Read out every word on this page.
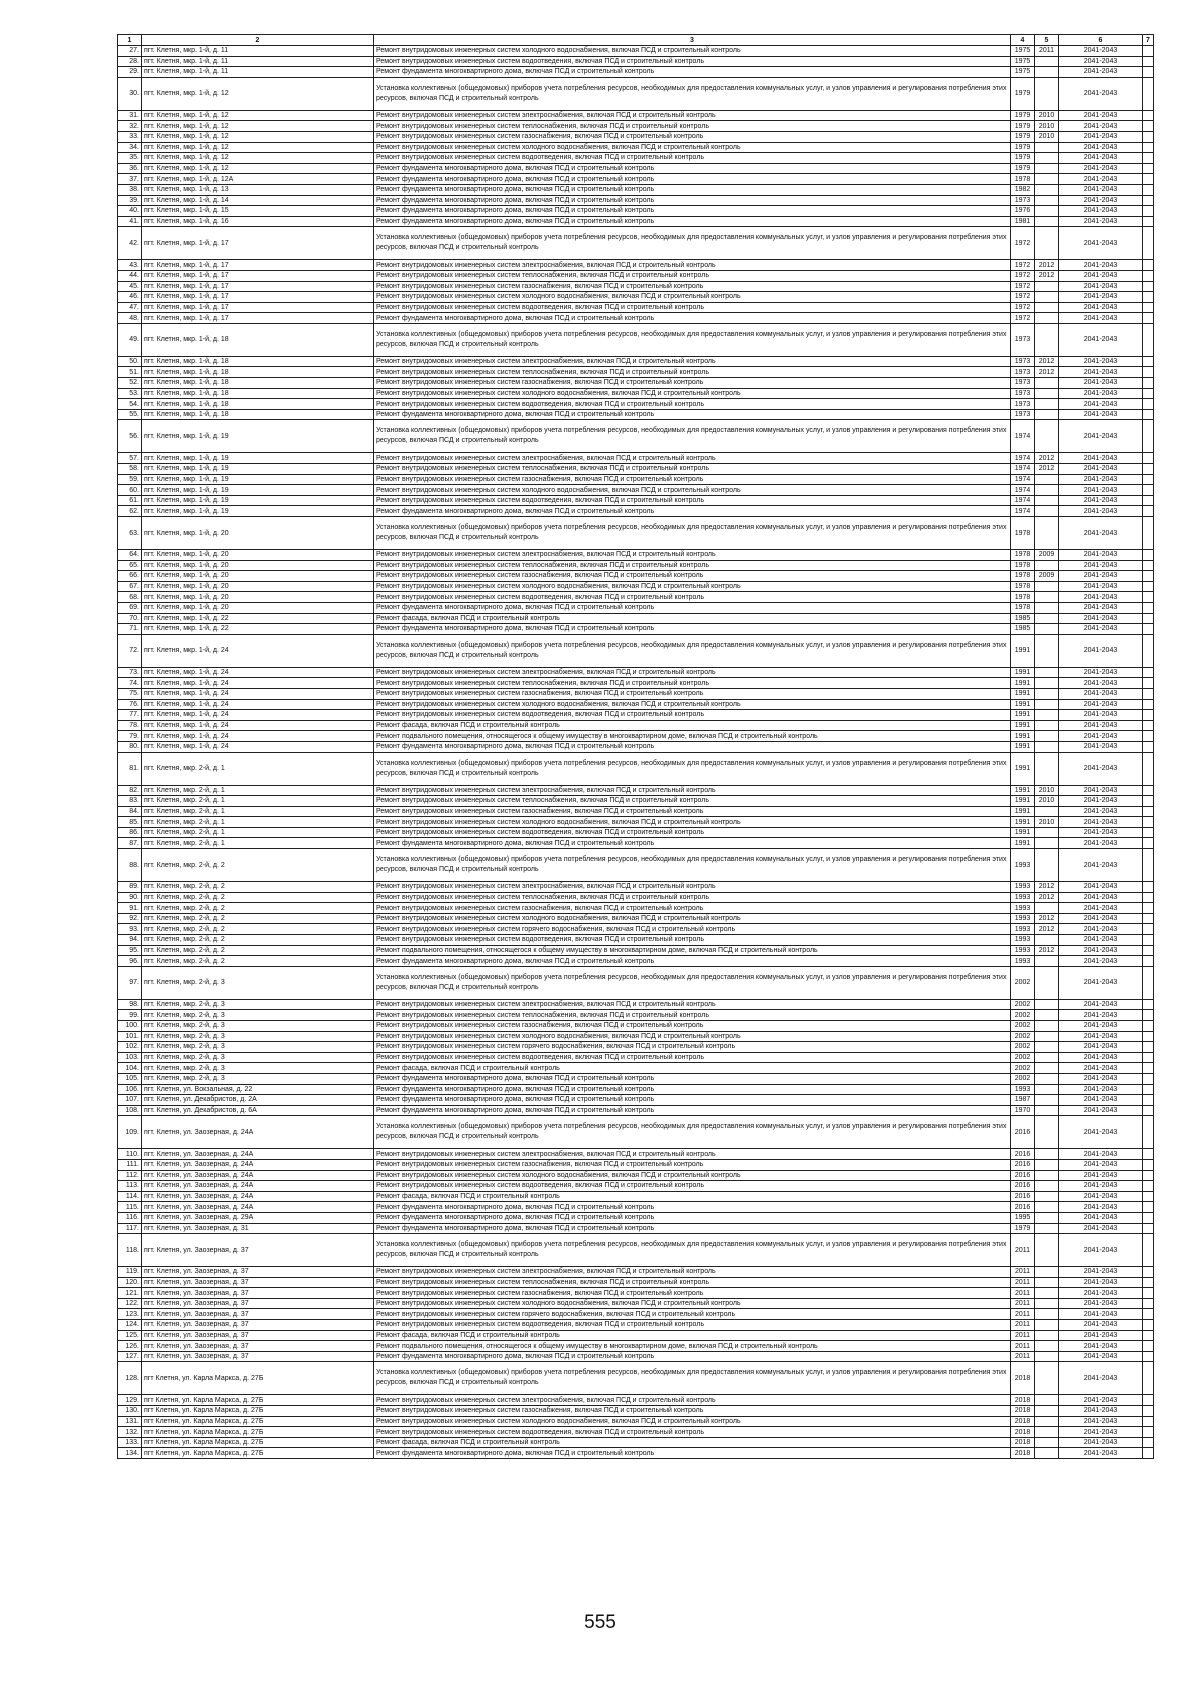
1	2	3	4	5	6	7
27.	пгт. Клетня, мкр. 1-й, д. 11	Ремонт внутридомовых инженерных систем холодного водоснабжения, включая ПСД и строительный контроль	1975	2011	2041-2043	
28.	пгт. Клетня, мкр. 1-й, д. 11	Ремонт внутридомовых инженерных систем водоотведения, включая ПСД и строительный контроль	1975		2041-2043	
29.	пгт. Клетня, мкр. 1-й, д. 11	Ремонт фундамента многоквартирного дома, включая ПСД и строительный контроль	1975		2041-2043	
30.	пгт. Клетня, мкр. 1-й, д. 12	Установка коллективных (общедомовых) приборов учета потребления ресурсов, необходимых для предоставления коммунальных услуг, и узлов управления и регулирования потребления этих ресурсов, включая ПСД и строительный контроль	1979		2041-2043	
31.	пгт. Клетня, мкр. 1-й, д. 12	Ремонт внутридомовых инженерных систем электроснабжения, включая ПСД и строительный контроль	1979	2010	2041-2043	
32.	пгт. Клетня, мкр. 1-й, д. 12	Ремонт внутридомовых инженерных систем теплоснабжения, включая ПСД и строительный контроль	1979	2010	2041-2043	
33.	пгт. Клетня, мкр. 1-й, д. 12	Ремонт внутридомовых инженерных систем газоснабжения, включая ПСД и строительный контроль	1979	2010	2041-2043	
34.	пгт. Клетня, мкр. 1-й, д. 12	Ремонт внутридомовых инженерных систем холодного водоснабжения, включая ПСД и строительный контроль	1979		2041-2043	
35.	пгт. Клетня, мкр. 1-й, д. 12	Ремонт внутридомовых инженерных систем водоотведения, включая ПСД и строительный контроль	1979		2041-2043	
36.	пгт. Клетня, мкр. 1-й, д. 12	Ремонт фундамента многоквартирного дома, включая ПСД и строительный контроль	1979		2041-2043	
37.	пгт. Клетня, мкр. 1-й, д. 12А	Ремонт фундамента многоквартирного дома, включая ПСД и строительный контроль	1978		2041-2043	
38.	пгт. Клетня, мкр. 1-й, д. 13	Ремонт фундамента многоквартирного дома, включая ПСД и строительный контроль	1982		2041-2043	
39.	пгт. Клетня, мкр. 1-й, д. 14	Ремонт фундамента многоквартирного дома, включая ПСД и строительный контроль	1973		2041-2043	
40.	пгт. Клетня, мкр. 1-й, д. 15	Ремонт фундамента многоквартирного дома, включая ПСД и строительный контроль	1976		2041-2043	
41.	пгт. Клетня, мкр. 1-й, д. 16	Ремонт фундамента многоквартирного дома, включая ПСД и строительный контроль	1981		2041-2043	
42.	пгт. Клетня, мкр. 1-й, д. 17	Установка коллективных (общедомовых) приборов учета потребления ресурсов, необходимых для предоставления коммунальных услуг, и узлов управления и регулирования потребления этих ресурсов, включая ПСД и строительный контроль	1972		2041-2043	
43.	пгт. Клетня, мкр. 1-й, д. 17	Ремонт внутридомовых инженерных систем электроснабжения, включая ПСД и строительный контроль	1972	2012	2041-2043	
44.	пгт. Клетня, мкр. 1-й, д. 17	Ремонт внутридомовых инженерных систем теплоснабжения, включая ПСД и строительный контроль	1972	2012	2041-2043	
45.	пгт. Клетня, мкр. 1-й, д. 17	Ремонт внутридомовых инженерных систем газоснабжения, включая ПСД и строительный контроль	1972		2041-2043	
46.	пгт. Клетня, мкр. 1-й, д. 17	Ремонт внутридомовых инженерных систем холодного водоснабжения, включая ПСД и строительный контроль	1972		2041-2043	
47.	пгт. Клетня, мкр. 1-й, д. 17	Ремонт внутридомовых инженерных систем водоотведения, включая ПСД и строительный контроль	1972		2041-2043	
48.	пгт. Клетня, мкр. 1-й, д. 17	Ремонт фундамента многоквартирного дома, включая ПСД и строительный контроль	1972		2041-2043	
49.	пгт. Клетня, мкр. 1-й, д. 18	Установка коллективных (общедомовых) приборов учета потребления ресурсов, необходимых для предоставления коммунальных услуг, и узлов управления и регулирования потребления этих ресурсов, включая ПСД и строительный контроль	1973		2041-2043	
50.	пгт. Клетня, мкр. 1-й, д. 18	Ремонт внутридомовых инженерных систем электроснабжения, включая ПСД и строительный контроль	1973	2012	2041-2043	
51.	пгт. Клетня, мкр. 1-й, д. 18	Ремонт внутридомовых инженерных систем теплоснабжения, включая ПСД и строительный контроль	1973	2012	2041-2043	
52.	пгт. Клетня, мкр. 1-й, д. 18	Ремонт внутридомовых инженерных систем газоснабжения, включая ПСД и строительный контроль	1973		2041-2043	
53.	пгт. Клетня, мкр. 1-й, д. 18	Ремонт внутридомовых инженерных систем холодного водоснабжения, включая ПСД и строительный контроль	1973		2041-2043	
54.	пгт. Клетня, мкр. 1-й, д. 18	Ремонт внутридомовых инженерных систем водоотведения, включая ПСД и строительный контроль	1973		2041-2043	
55.	пгт. Клетня, мкр. 1-й, д. 18	Ремонт фундамента многоквартирного дома, включая ПСД и строительный контроль	1973		2041-2043	
56.	пгт. Клетня, мкр. 1-й, д. 19	Установка коллективных (общедомовых) приборов учета потребления ресурсов, необходимых для предоставления коммунальных услуг, и узлов управления и регулирования потребления этих ресурсов, включая ПСД и строительный контроль	1974		2041-2043	
57.	пгт. Клетня, мкр. 1-й, д. 19	Ремонт внутридомовых инженерных систем электроснабжения, включая ПСД и строительный контроль	1974	2012	2041-2043	
58.	пгт. Клетня, мкр. 1-й, д. 19	Ремонт внутридомовых инженерных систем теплоснабжения, включая ПСД и строительный контроль	1974	2012	2041-2043	
59.	пгт. Клетня, мкр. 1-й, д. 19	Ремонт внутридомовых инженерных систем газоснабжения, включая ПСД и строительный контроль	1974		2041-2043	
60.	пгт. Клетня, мкр. 1-й, д. 19	Ремонт внутридомовых инженерных систем холодного водоснабжения, включая ПСД и строительный контроль	1974		2041-2043	
61.	пгт. Клетня, мкр. 1-й, д. 19	Ремонт внутридомовых инженерных систем водоотведения, включая ПСД и строительный контроль	1974		2041-2043	
62.	пгт. Клетня, мкр. 1-й, д. 19	Ремонт фундамента многоквартирного дома, включая ПСД и строительный контроль	1974		2041-2043	
63.	пгт. Клетня, мкр. 1-й, д. 20	Установка коллективных (общедомовых) приборов учета потребления ресурсов, необходимых для предоставления коммунальных услуг, и узлов управления и регулирования потребления этих ресурсов, включая ПСД и строительный контроль	1978		2041-2043	
64.	пгт. Клетня, мкр. 1-й, д. 20	Ремонт внутридомовых инженерных систем электроснабжения, включая ПСД и строительный контроль	1978	2009	2041-2043	
65.	пгт. Клетня, мкр. 1-й, д. 20	Ремонт внутридомовых инженерных систем теплоснабжения, включая ПСД и строительный контроль	1978		2041-2043	
66.	пгт. Клетня, мкр. 1-й, д. 20	Ремонт внутридомовых инженерных систем газоснабжения, включая ПСД и строительный контроль	1978	2009	2041-2043	
67.	пгт. Клетня, мкр. 1-й, д. 20	Ремонт внутридомовых инженерных систем холодного водоснабжения, включая ПСД и строительный контроль	1978		2041-2043	
68.	пгт. Клетня, мкр. 1-й, д. 20	Ремонт внутридомовых инженерных систем водоотведения, включая ПСД и строительный контроль	1978		2041-2043	
69.	пгт. Клетня, мкр. 1-й, д. 20	Ремонт фундамента многоквартирного дома, включая ПСД и строительный контроль	1978		2041-2043	
70.	пгт. Клетня, мкр. 1-й, д. 22	Ремонт фасада, включая ПСД и строительный контроль	1985		2041-2043	
71.	пгт. Клетня, мкр. 1-й, д. 22	Ремонт фундамента многоквартирного дома, включая ПСД и строительный контроль	1985		2041-2043	
72.	пгт. Клетня, мкр. 1-й, д. 24	Установка коллективных (общедомовых) приборов учета потребления ресурсов, необходимых для предоставления коммунальных услуг, и узлов управления и регулирования потребления этих ресурсов, включая ПСД и строительный контроль	1991		2041-2043	
73.	пгт. Клетня, мкр. 1-й, д. 24	Ремонт внутридомовых инженерных систем электроснабжения, включая ПСД и строительный контроль	1991		2041-2043	
74.	пгт. Клетня, мкр. 1-й, д. 24	Ремонт внутридомовых инженерных систем теплоснабжения, включая ПСД и строительный контроль	1991		2041-2043	
75.	пгт. Клетня, мкр. 1-й, д. 24	Ремонт внутридомовых инженерных систем газоснабжения, включая ПСД и строительный контроль	1991		2041-2043	
76.	пгт. Клетня, мкр. 1-й, д. 24	Ремонт внутридомовых инженерных систем холодного водоснабжения, включая ПСД и строительный контроль	1991		2041-2043	
77.	пгт. Клетня, мкр. 1-й, д. 24	Ремонт внутридомовых инженерных систем водоотведения, включая ПСД и строительный контроль	1991		2041-2043	
78.	пгт. Клетня, мкр. 1-й, д. 24	Ремонт фасада, включая ПСД и строительный контроль	1991		2041-2043	
79.	пгт. Клетня, мкр. 1-й, д. 24	Ремонт подвального помещения, относящегося к общему имуществу в многоквартирном доме, включая ПСД и строительный контроль	1991		2041-2043	
80.	пгт. Клетня, мкр. 1-й, д. 24	Ремонт фундамента многоквартирного дома, включая ПСД и строительный контроль	1991		2041-2043	
81.	пгт. Клетня, мкр. 2-й, д. 1	Установка коллективных (общедомовых) приборов учета потребления ресурсов, необходимых для предоставления коммунальных услуг, и узлов управления и регулирования потребления этих ресурсов, включая ПСД и строительный контроль	1991		2041-2043	
82.	пгт. Клетня, мкр. 2-й, д. 1	Ремонт внутридомовых инженерных систем электроснабжения, включая ПСД и строительный контроль	1991	2010	2041-2043	
83.	пгт. Клетня, мкр. 2-й, д. 1	Ремонт внутридомовых инженерных систем теплоснабжения, включая ПСД и строительный контроль	1991	2010	2041-2043	
84.	пгт. Клетня, мкр. 2-й, д. 1	Ремонт внутридомовых инженерных систем газоснабжения, включая ПСД и строительный контроль	1991		2041-2043	
85.	пгт. Клетня, мкр. 2-й, д. 1	Ремонт внутридомовых инженерных систем холодного водоснабжения, включая ПСД и строительный контроль	1991	2010	2041-2043	
86.	пгт. Клетня, мкр. 2-й, д. 1	Ремонт внутридомовых инженерных систем водоотведения, включая ПСД и строительный контроль	1991		2041-2043	
87.	пгт. Клетня, мкр. 2-й, д. 1	Ремонт фундамента многоквартирного дома, включая ПСД и строительный контроль	1991		2041-2043	
88.	пгт. Клетня, мкр. 2-й, д. 2	Установка коллективных (общедомовых) приборов учета потребления ресурсов, необходимых для предоставления коммунальных услуг, и узлов управления и регулирования потребления этих ресурсов, включая ПСД и строительный контроль	1993		2041-2043	
89.	пгт. Клетня, мкр. 2-й, д. 2	Ремонт внутридомовых инженерных систем электроснабжения, включая ПСД и строительный контроль	1993	2012	2041-2043	
90.	пгт. Клетня, мкр. 2-й, д. 2	Ремонт внутридомовых инженерных систем теплоснабжения, включая ПСД и строительный контроль	1993	2012	2041-2043	
91.	пгт. Клетня, мкр. 2-й, д. 2	Ремонт внутридомовых инженерных систем газоснабжения, включая ПСД и строительный контроль	1993		2041-2043	
92.	пгт. Клетня, мкр. 2-й, д. 2	Ремонт внутридомовых инженерных систем холодного водоснабжения, включая ПСД и строительный контроль	1993	2012	2041-2043	
93.	пгт. Клетня, мкр. 2-й, д. 2	Ремонт внутридомовых инженерных систем горячего водоснабжения, включая ПСД и строительный контроль	1993	2012	2041-2043	
94.	пгт. Клетня, мкр. 2-й, д. 2	Ремонт внутридомовых инженерных систем водоотведения, включая ПСД и строительный контроль	1993		2041-2043	
95.	пгт. Клетня, мкр. 2-й, д. 2	Ремонт подвального помещения, относящегося к общему имуществу в многоквартирном доме, включая ПСД и строительный контроль	1993	2012	2041-2043	
96.	пгт. Клетня, мкр. 2-й, д. 2	Ремонт фундамента многоквартирного дома, включая ПСД и строительный контроль	1993		2041-2043	
97.	пгт. Клетня, мкр. 2-й, д. 3	Установка коллективных (общедомовых) приборов учета потребления ресурсов, необходимых для предоставления коммунальных услуг, и узлов управления и регулирования потребления этих ресурсов, включая ПСД и строительный контроль	2002		2041-2043	
98.	пгт. Клетня, мкр. 2-й, д. 3	Ремонт внутридомовых инженерных систем электроснабжения, включая ПСД и строительный контроль	2002		2041-2043	
99.	пгт. Клетня, мкр. 2-й, д. 3	Ремонт внутридомовых инженерных систем теплоснабжения, включая ПСД и строительный контроль	2002		2041-2043	
100.	пгт. Клетня, мкр. 2-й, д. 3	Ремонт внутридомовых инженерных систем газоснабжения, включая ПСД и строительный контроль	2002		2041-2043	
101.	пгт. Клетня, мкр. 2-й, д. 3	Ремонт внутридомовых инженерных систем холодного водоснабжения, включая ПСД и строительный контроль	2002		2041-2043	
102.	пгт. Клетня, мкр. 2-й, д. 3	Ремонт внутридомовых инженерных систем горячего водоснабжения, включая ПСД и строительный контроль	2002		2041-2043	
103.	пгт. Клетня, мкр. 2-й, д. 3	Ремонт внутридомовых инженерных систем водоотведения, включая ПСД и строительный контроль	2002		2041-2043	
104.	пгт. Клетня, мкр. 2-й, д. 3	Ремонт фасада, включая ПСД и строительный контроль	2002		2041-2043	
105.	пгт. Клетня, мкр. 2-й, д. 3	Ремонт фундамента многоквартирного дома, включая ПСД и строительный контроль	2002		2041-2043	
106.	пгт. Клетня, ул. Вокзальная, д. 22	Ремонт фундамента многоквартирного дома, включая ПСД и строительный контроль	1993		2041-2043	
107.	пгт. Клетня, ул. Декабристов, д. 2А	Ремонт фундамента многоквартирного дома, включая ПСД и строительный контроль	1987		2041-2043	
108.	пгт. Клетня, ул. Декабристов, д. 6А	Ремонт фундамента многоквартирного дома, включая ПСД и строительный контроль	1970		2041-2043	
109.	пгт. Клетня, ул. Заозерная, д. 24А	Установка коллективных (общедомовых) приборов учета потребления ресурсов, необходимых для предоставления коммунальных услуг, и узлов управления и регулирования потребления этих ресурсов, включая ПСД и строительный контроль	2016		2041-2043	
110.	пгт. Клетня, ул. Заозерная, д. 24А	Ремонт внутридомовых инженерных систем электроснабжения, включая ПСД и строительный контроль	2016		2041-2043	
111.	пгт. Клетня, ул. Заозерная, д. 24А	Ремонт внутридомовых инженерных систем газоснабжения, включая ПСД и строительный контроль	2016		2041-2043	
112.	пгт. Клетня, ул. Заозерная, д. 24А	Ремонт внутридомовых инженерных систем холодного водоснабжения, включая ПСД и строительный контроль	2016		2041-2043	
113.	пгт. Клетня, ул. Заозерная, д. 24А	Ремонт внутридомовых инженерных систем водоотведения, включая ПСД и строительный контроль	2016		2041-2043	
114.	пгт. Клетня, ул. Заозерная, д. 24А	Ремонт фасада, включая ПСД и строительный контроль	2016		2041-2043	
115.	пгт. Клетня, ул. Заозерная, д. 24А	Ремонт фундамента многоквартирного дома, включая ПСД и строительный контроль	2016		2041-2043	
116.	пгт. Клетня, ул. Заозерная, д. 29А	Ремонт фундамента многоквартирного дома, включая ПСД и строительный контроль	1995		2041-2043	
117.	пгт. Клетня, ул. Заозерная, д. 31	Ремонт фундамента многоквартирного дома, включая ПСД и строительный контроль	1979		2041-2043	
118.	пгт. Клетня, ул. Заозерная, д. 37	Установка коллективных (общедомовых) приборов учета потребления ресурсов, необходимых для предоставления коммунальных услуг, и узлов управления и регулирования потребления этих ресурсов, включая ПСД и строительный контроль	2011		2041-2043	
119.	пгт. Клетня, ул. Заозерная, д. 37	Ремонт внутридомовых инженерных систем электроснабжения, включая ПСД и строительный контроль	2011		2041-2043	
120.	пгт. Клетня, ул. Заозерная, д. 37	Ремонт внутридомовых инженерных систем теплоснабжения, включая ПСД и строительный контроль	2011		2041-2043	
121.	пгт. Клетня, ул. Заозерная, д. 37	Ремонт внутридомовых инженерных систем газоснабжения, включая ПСД и строительный контроль	2011		2041-2043	
122.	пгт. Клетня, ул. Заозерная, д. 37	Ремонт внутридомовых инженерных систем холодного водоснабжения, включая ПСД и строительный контроль	2011		2041-2043	
123.	пгт. Клетня, ул. Заозерная, д. 37	Ремонт внутридомовых инженерных систем горячего водоснабжения, включая ПСД и строительный контроль	2011		2041-2043	
124.	пгт. Клетня, ул. Заозерная, д. 37	Ремонт внутридомовых инженерных систем водоотведения, включая ПСД и строительный контроль	2011		2041-2043	
125.	пгт. Клетня, ул. Заозерная, д. 37	Ремонт фасада, включая ПСД и строительный контроль	2011		2041-2043	
126.	пгт. Клетня, ул. Заозерная, д. 37	Ремонт подвального помещения, относящегося к общему имуществу в многоквартирном доме, включая ПСД и строительный контроль	2011		2041-2043	
127.	пгт. Клетня, ул. Заозерная, д. 37	Ремонт фундамента многоквартирного дома, включая ПСД и строительный контроль	2011		2041-2043	
128.	пгт Клетня, ул. Карла Маркса, д. 27Б	Установка коллективных (общедомовых) приборов учета потребления ресурсов, необходимых для предоставления коммунальных услуг, и узлов управления и регулирования потребления этих ресурсов, включая ПСД и строительный контроль	2018		2041-2043	
129.	пгт Клетня, ул. Карла Маркса, д. 27Б	Ремонт внутридомовых инженерных систем электроснабжения, включая ПСД и строительный контроль	2018		2041-2043	
130.	пгт Клетня, ул. Карла Маркса, д. 27Б	Ремонт внутридомовых инженерных систем газоснабжения, включая ПСД и строительный контроль	2018		2041-2043	
131.	пгт Клетня, ул. Карла Маркса, д. 27Б	Ремонт внутридомовых инженерных систем холодного водоснабжения, включая ПСД и строительный контроль	2018		2041-2043	
132.	пгт Клетня, ул. Карла Маркса, д. 27Б	Ремонт внутридомовых инженерных систем водоотведения, включая ПСД и строительный контроль	2018		2041-2043	
133.	пгт Клетня, ул. Карла Маркса, д. 27Б	Ремонт фасада, включая ПСД и строительный контроль	2018		2041-2043	
134.	пгт Клетня, ул. Карла Маркса, д. 27Б	Ремонт фундамента многоквартирного дома, включая ПСД и строительный контроль	2018		2041-2043	
555
